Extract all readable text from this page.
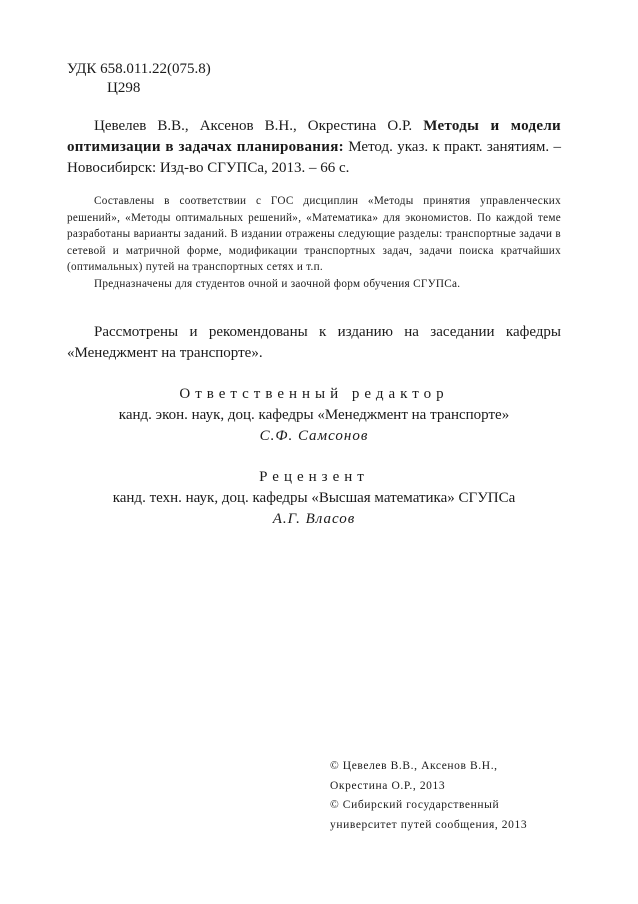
УДК 658.011.22(075.8)
Ц298
Цевелев В.В., Аксенов В.Н., Окрестина О.Р. Методы и модели оптимизации в задачах планирования: Метод. указ. к практ. занятиям. – Новосибирск: Изд-во СГУПСа, 2013. – 66 с.

Составлены в соответствии с ГОС дисциплин «Методы принятия управленческих решений», «Методы оптимальных решений», «Математика» для экономистов. По каждой теме разработаны варианты заданий. В издании отражены следующие разделы: транспортные задачи в сетевой и матричной форме, модификации транспортных задач, задачи поиска кратчайших (оптимальных) путей на транспортных сетях и т.п.

Предназначены для студентов очной и заочной форм обучения СГУПСа.

Рассмотрены и рекомендованы к изданию на заседании кафедры «Менеджмент на транспорте».
Ответственный редактор
канд. экон. наук, доц. кафедры «Менеджмент на транспорте»
С.Ф. Самсонов
Рецензент
канд. техн. наук, доц. кафедры «Высшая математика» СГУПСа
А.Г. Власов

© Цевелев В.В., Аксенов В.Н.,

Окрестина О.Р., 2013

© Сибирский государственный

университет путей сообщения, 2013
